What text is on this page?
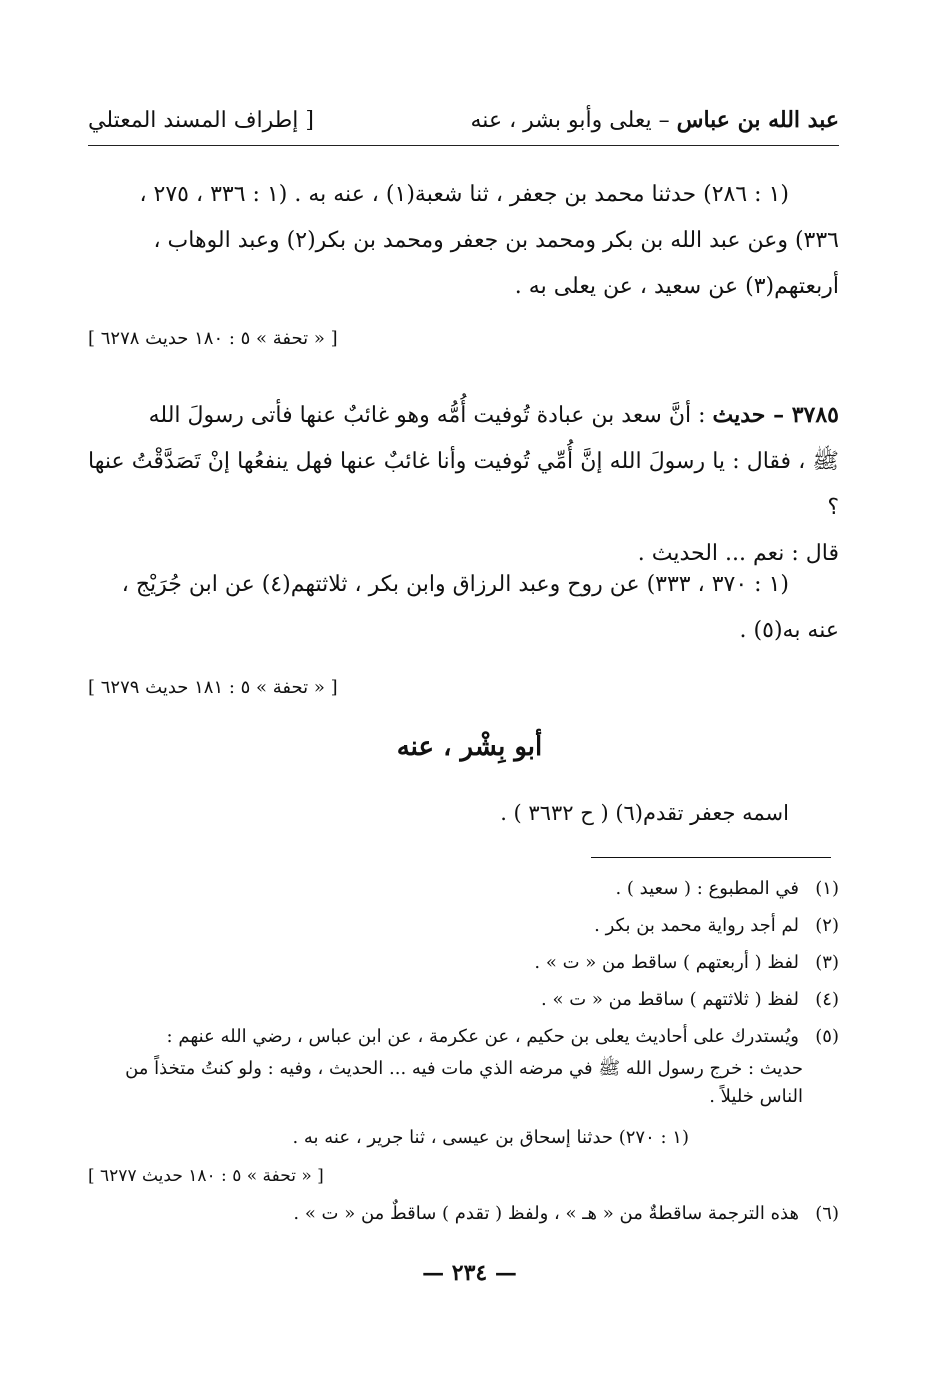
عبد الله بن عباس – يعلى وأبو بشر ، عنه
[ إطراف المسند المعتلي
(١ : ٢٨٦) حدثنا محمد بن جعفر ، ثنا شعبة(١) ، عنه به . (١ : ٣٣٦ ، ٢٧٥ ،
٣٣٦) وعن عبد الله بن بكر ومحمد بن جعفر ومحمد بن بكر(٢) وعبد الوهاب ،
أربعتهم(٣) عن سعيد ، عن يعلى به .
[ « تحفة » ٥ : ١٨٠ حديث ٦٢٧٨ ]
٣٧٨٥ – حديث : أنَّ سعد بن عبادة تُوفيت أُمُّه وهو غائبٌ عنها فأتى رسولَ الله
ﷺ ، فقال : يا رسولَ الله إنَّ أُمِّي تُوفيت وأنا غائبٌ عنها فهل ينفعُها إنْ تَصَدَّقْتُ عنها ؟
قال : نعم ... الحديث .
(١ : ٣٧٠ ، ٣٣٣) عن روح وعبد الرزاق وابن بكر ، ثلاثتهم(٤) عن ابن جُرَيْج ،
عنه به(٥) .
[ « تحفة » ٥ : ١٨١ حديث ٦٢٧٩ ]
أبو بِشْر ، عنه
اسمه جعفر تقدم(٦) ( ح ٣٦٣٢ ) .
(١)
في المطبوع : ( سعيد ) .
(٢)
لم أجد رواية محمد بن بكر .
(٣)
لفظ ( أربعتهم ) ساقط من « ت » .
(٤)
لفظ ( ثلاثتهم ) ساقط من « ت » .
(٥)
ويُستدرك على أحاديث يعلى بن حكيم ، عن عكرمة ، عن ابن عباس ، رضي الله عنهم :
حديث : خرج رسول الله ﷺ في مرضه الذي مات فيه ... الحديث ، وفيه : ولو كنتُ متخذاً من الناس خليلاً .
(١ : ٢٧٠) حدثنا إسحاق بن عيسى ، ثنا جرير ، عنه به .
[ « تحفة » ٥ : ١٨٠ حديث ٦٢٧٧ ]
(٦)
هذه الترجمة ساقطةٌ من « هـ » ، ولفظ ( تقدم ) ساقطٌ من « ت » .
— ٢٣٤ —
